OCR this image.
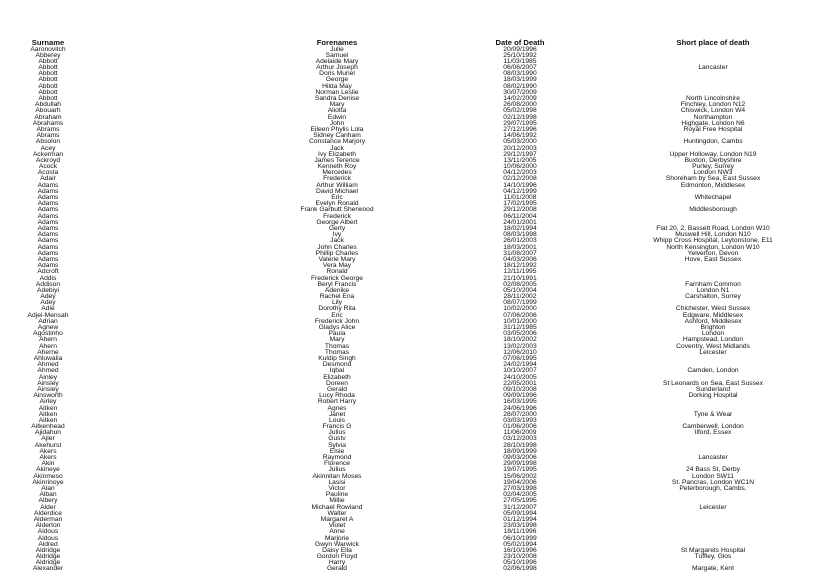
Surname	Forenames	Date of Death	Short place of death
Aaronovitch	Julie	20/09/1996
Abberey	Samuel	25/10/1992
Abbott	Adelaide Mary	11/03/1985
Abbott	Arthur Joseph	06/06/2007	Lancaster
Abbott	Doris Muriel	08/03/1990
Abbott	George	18/03/1999
Abbott	Hilda May	08/02/1990
Abbott	Norman Leslie	30/07/2009
Abbott	Sandra Denise	14/02/2009	North Lincolnshire
Abdullah	Mary	26/08/2000	Finchley, London N12
Abouarh	Aliotta	05/02/1998	Chiswick, London W4
Abraham	Edwin	02/12/1998	Northampton
Abrahams	John	29/07/1995	Highgate, London N6
Abrams	Eileen Phylis Lola	27/12/1996	Royal Free Hospital
Abrams	Sidney Canham	14/06/1992
Absolon	Constance Marjory	05/03/2000	Huntingdon, Cambs
Acey	Jack	20/12/2003
Ackerman	Ivy Elizabeth	29/12/1997	Upper Holloway, London N19
Ackroyd	James Terence	13/11/2005	Buxton, Derbyshire
Acock	Kenneth Roy	10/06/2000	Purley, Surrey
Acosta	Mercedes	04/12/2003	London NW3
Adair	Frederick	02/12/2008	Shoreham by Sea, East Sussex
Adams	Arthur William	14/10/1996	Edmonton, Middlesex
Adams	David Michael	04/12/1999
Adams	Eric	11/01/2008	Whitechapel
Adams	Evelyn Ronald	17/02/1995
Adams	Frank Garbutt Sherwood	29/12/2008	Middlesborough
Adams	Frederick	06/11/2004
Adams	George Albert	24/01/2001
Adams	Gerty	18/02/1994	Flat 20, 2, Bassett Road, London W10
Adams	Ivy	08/03/1998	Muswell Hill, London N10
Adams	Jack	26/01/2003	Whipp Cross Hospital, Leytonstone, E11
Adams	John Charles	18/03/2001	North Kensington, London W10
Adams	Phillip Charles	31/08/2007	Yelverton, Devon
Adams	Valerie Mary	04/03/2006	Hove, East Sussex
Adams	Vera May	18/12/1992
Adcroft	Ronald	12/11/1995
Addis	Frederick George	21/10/1991
Addison	Beryl Francis	02/08/2005	Farnham Common
Adebiyi	Adenike	05/10/2004	London N1
Adey	Rachel Ena	28/11/2002	Carshalton, Surrey
Adey	Lily	08/07/1999
Adie	Dorothy Rita	10/02/2000	Chichester, West Sussex
Adjei-Mensah	Eric	07/06/2006	Edgware, Middlesex
Adrian	Frederick John	10/01/2000	Ashford, Middlesex
Agnew	Gladys Alice	31/12/1985	Brighton
Agostinho	Paula	03/05/2006	London
Ahern	Mary	18/10/2002	Hampstead, London
Ahern	Thomas	13/02/2003	Coventry, West Midlands
Aherne	Thomas	12/06/2010	Leicester
Ahluwalia	Kuldip Singh	07/06/1995
Ahmed	Desmond	24/02/1994
Ahmed	Iqbal	10/10/2007	Camden, London
Ainley	Elizabeth	24/10/2005
Ainsley	Doreen	22/05/2001	St Leonards on Sea, East Sussex
Ainsley	Gerald	09/10/2008	Sunderland
Ainsworth	Lucy Rhoda	09/09/1996	Dorking Hospital
Airley	Robert Harry	16/03/1995
Aitken	Agnes	24/06/1996
Aitken	Janet	28/07/2000	Tyne & Wear
Aitken	Louis	03/03/1993
Aitkenhead	Francis G	01/06/2006	Camberwell, London
Ajidahun	Julius	11/06/2009	Ilford, Essex
Ajler	Gustv	03/12/2003
Akehurst	Sylvia	28/10/1998
Akers	Elsie	18/09/1999
Akers	Raymond	09/03/2006	Lancaster
Akin	Florence	29/09/1998
Akineye	Julius	19/07/1995	24 Bass St, Derby
Akinmeso	Akinnitan Moses	15/06/2002	London SW11
Akinrinoye	Lasisi	19/04/2006	St. Pancras, London WC1N
Alan	Victor	27/03/1998	Peterborough, Cambs.
Alban	Pauline	02/04/2005
Albery	Millie	27/05/1995
Alder	Michael Rowland	31/12/2007	Leicester
Alderdice	Walter	05/09/1994
Alderman	Margaret A	01/12/1994
Alderton	Violet	23/03/1998
Aldous	Anne	18/11/1996
Aldous	Marjorie	06/10/1999
Aldred	Gwyn Warwick	05/02/1994
Aldridge	Daisy Ella	16/10/1996	St Margarets Hospital
Aldridge	Gordon Floyd	23/10/2008	Tuffley, Glos
Aldridge	Harry	05/10/1996
Alexander	Gerald	02/06/1998	Margate, Kent
